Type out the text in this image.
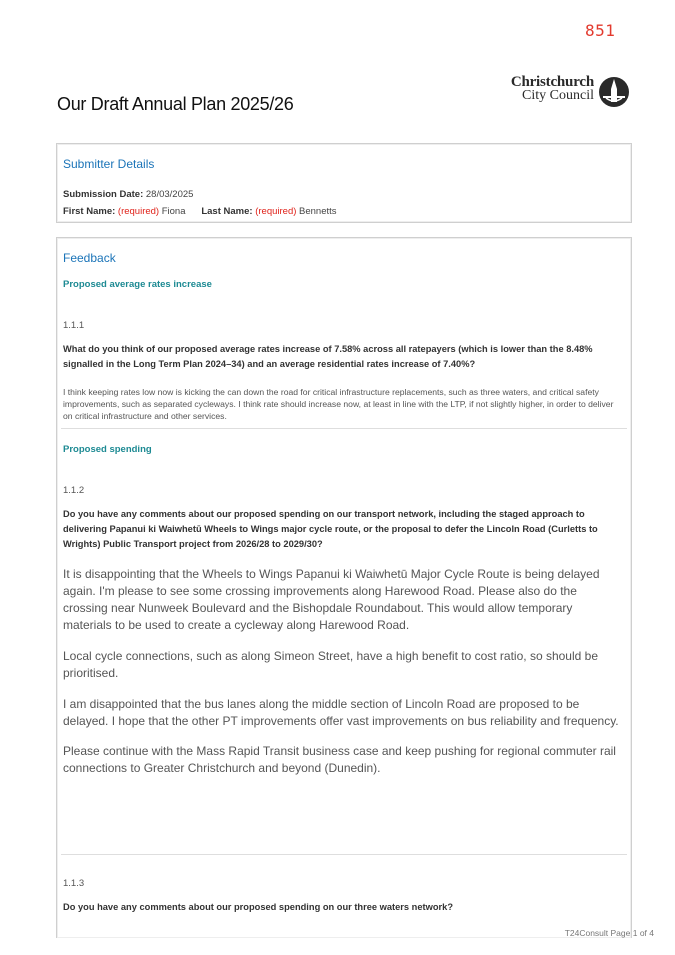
851
Our Draft Annual Plan 2025/26
Christchurch
City Council
Submitter Details
Submission Date: 28/03/2025
First Name: (required) Fiona Last Name: (required) Bennetts
Feedback
Proposed average rates increase
1.1.1
What do you think of our proposed average rates increase of 7.58% across all ratepayers (which is lower than the 8.48% signalled in the Long Term Plan 2024–34) and an average residential rates increase of 7.40%?
I think keeping rates low now is kicking the can down the road for critical infrastructure replacements, such as three waters, and critical safety improvements, such as separated cycleways. I think rate should increase now, at least in line with the LTP, if not slightly higher, in order to deliver on critical infrastructure and other services.
Proposed spending
1.1.2
Do you have any comments about our proposed spending on our transport network, including the staged approach to delivering Papanui ki Waiwhetū Wheels to Wings major cycle route, or the proposal to defer the Lincoln Road (Curletts to Wrights) Public Transport project from 2026/28 to 2029/30?
It is disappointing that the Wheels to Wings Papanui ki Waiwhetū Major Cycle Route is being delayed again. I'm please to see some crossing improvements along Harewood Road. Please also do the crossing near Nunweek Boulevard and the Bishopdale Roundabout. This would allow temporary materials to be used to create a cycleway along Harewood Road.
Local cycle connections, such as along Simeon Street, have a high benefit to cost ratio, so should be prioritised.
I am disappointed that the bus lanes along the middle section of Lincoln Road are proposed to be delayed. I hope that the other PT improvements offer vast improvements on bus reliability and frequency.
Please continue with the Mass Rapid Transit business case and keep pushing for regional commuter rail connections to Greater Christchurch and beyond (Dunedin).
1.1.3
Do you have any comments about our proposed spending on our three waters network?
T24Consult Page 1 of 4
